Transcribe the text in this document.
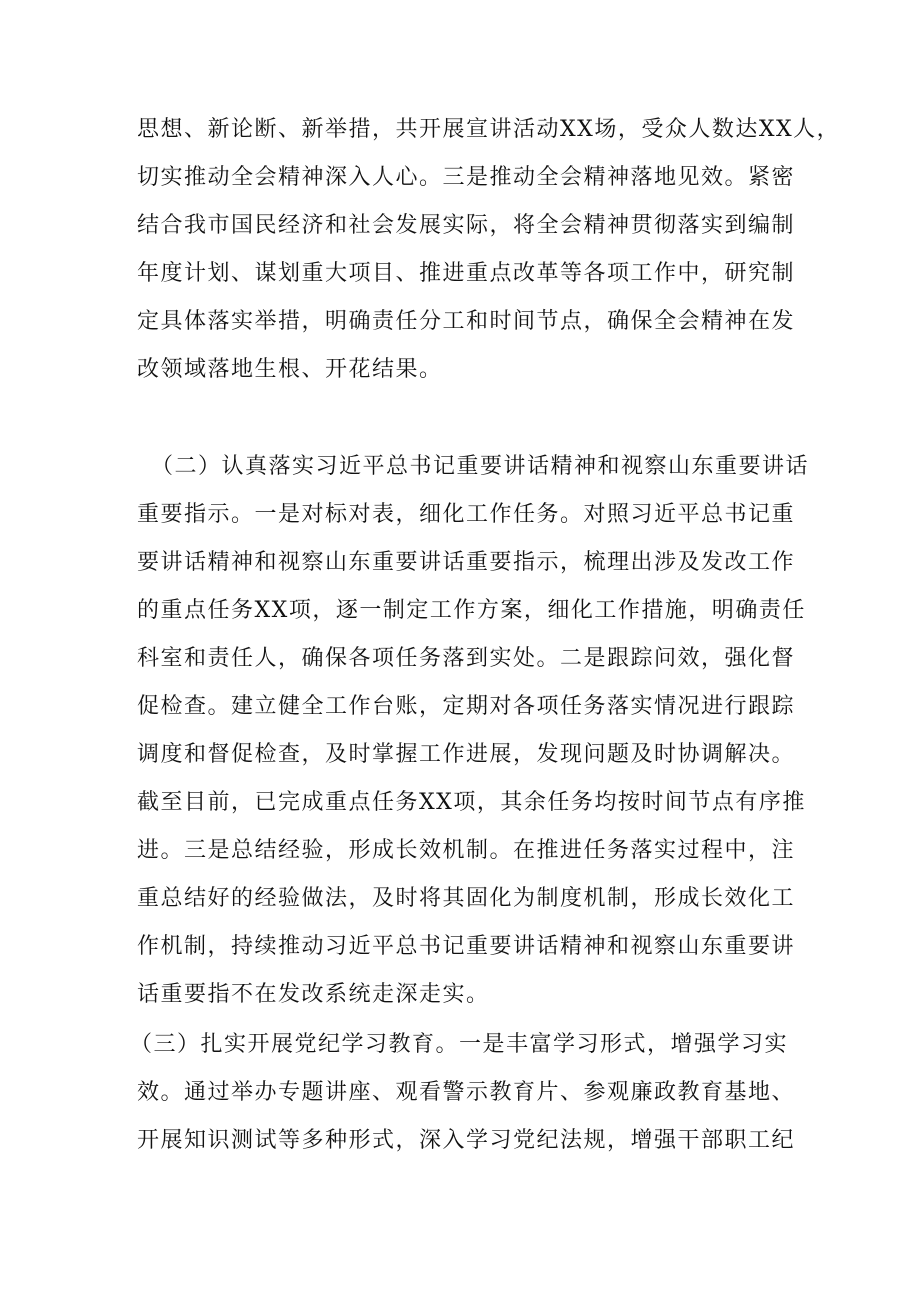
思想、新论断、新举措，共开展宣讲活动XX场，受众人数达XX人，
切实推动全会精神深入人心。三是推动全会精神落地见效。紧密
结合我市国民经济和社会发展实际，将全会精神贯彻落实到编制
年度计划、谋划重大项目、推进重点改革等各项工作中，研究制
定具体落实举措，明确责任分工和时间节点，确保全会精神在发
改领域落地生根、开花结果。
（二）认真落实习近平总书记重要讲话精神和视察山东重要讲话
重要指示。一是对标对表，细化工作任务。对照习近平总书记重
要讲话精神和视察山东重要讲话重要指示，梳理出涉及发改工作
的重点任务XX项，逐一制定工作方案，细化工作措施，明确责任
科室和责任人，确保各项任务落到实处。二是跟踪问效，强化督
促检查。建立健全工作台账，定期对各项任务落实情况进行跟踪
调度和督促检查，及时掌握工作进展，发现问题及时协调解决。
截至目前，已完成重点任务XX项，其余任务均按时间节点有序推
进。三是总结经验，形成长效机制。在推进任务落实过程中，注
重总结好的经验做法，及时将其固化为制度机制，形成长效化工
作机制，持续推动习近平总书记重要讲话精神和视察山东重要讲
话重要指不在发改系统走深走实。
（三）扎实开展党纪学习教育。一是丰富学习形式，增强学习实
效。通过举办专题讲座、观看警示教育片、参观廉政教育基地、
开展知识测试等多种形式，深入学习党纪法规，增强干部职工纪
